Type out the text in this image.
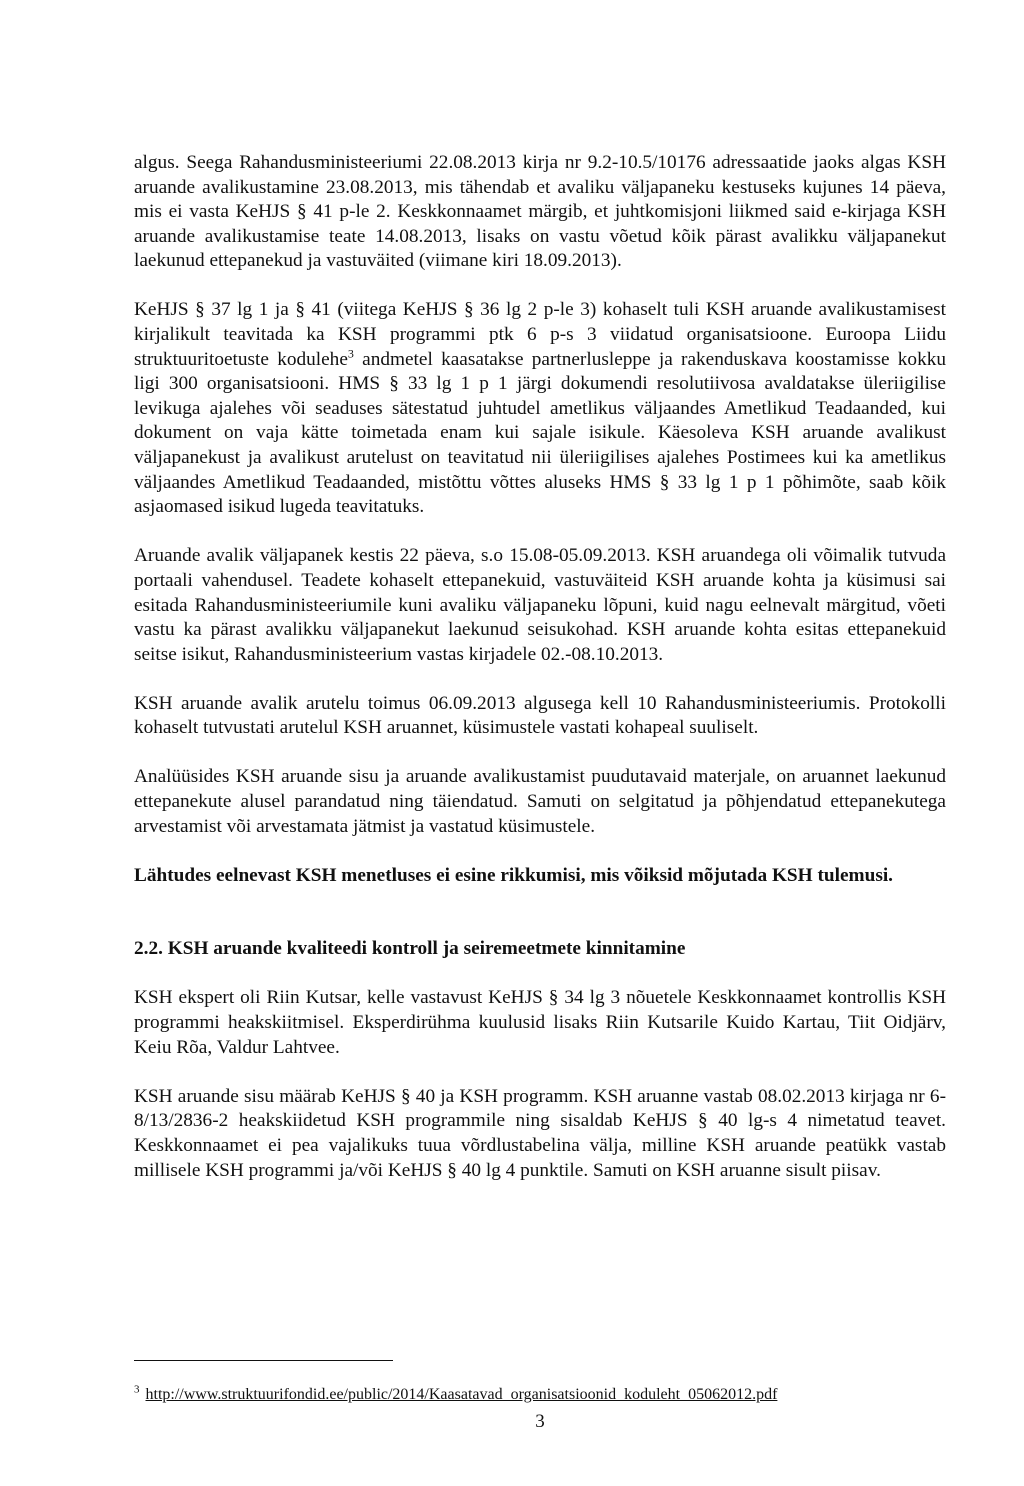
algus. Seega Rahandusministeeriumi 22.08.2013 kirja nr 9.2-10.5/10176 adressaatide jaoks algas KSH aruande avalikustamine 23.08.2013, mis tähendab et avaliku väljapaneku kestuseks kujunes 14 päeva, mis ei vasta KeHJS § 41 p-le 2. Keskkonnaamet märgib, et juhtkomisjoni liikmed said e-kirjaga KSH aruande avalikustamise teate 14.08.2013, lisaks on vastu võetud kõik pärast avalikku väljapanekut laekunud ettepanekud ja vastuväited (viimane kiri 18.09.2013).

KeHJS § 37 lg 1 ja § 41 (viitega KeHJS § 36 lg 2 p-le 3) kohaselt tuli KSH aruande avalikustamisest kirjalikult teavitada ka KSH programmi ptk 6 p-s 3 viidatud organisatsioone. Euroopa Liidu struktuuritoetuste kodulehe$^3$ andmetel kaasatakse partnerlusleppe ja rakenduskava koostamisse kokku ligi 300 organisatsiooni. HMS § 33 lg 1 p 1 järgi dokumendi resolutiivosa avaldatakse üleriigilise levikuga ajalehes või seaduses sätestatud juhtudel ametlikus väljaandes Ametlikud Teadaanded, kui dokument on vaja kätte toimetada enam kui sajale isikule. Käesoleva KSH aruande avalikust väljapanekust ja avalikust arutelust on teavitatud nii üleriigilises ajalehes Postimees kui ka ametlikus väljaandes Ametlikud Teadaanded, mistõttu võttes aluseks HMS § 33 lg 1 p 1 põhimõte, saab kõik asjaomased isikud lugeda teavitatuks.

Aruande avalik väljapanek kestis 22 päeva, s.o 15.08-05.09.2013. KSH aruandega oli võimalik tutvuda portaali vahendusel. Teadete kohaselt ettepanekuid, vastuväiteid KSH aruande kohta ja küsimusi sai esitada Rahandusministeeriumile kuni avaliku väljapaneku lõpuni, kuid nagu eelnevalt märgitud, võeti vastu ka pärast avalikku väljapanekut laekunud seisukohad. KSH aruande kohta esitas ettepanekuid seitse isikut, Rahandusministeerium vastas kirjadele 02.-08.10.2013.

KSH aruande avalik arutelu toimus 06.09.2013 algusega kell 10 Rahandusministeeriumis. Protokolli kohaselt tutvustati arutelul KSH aruannet, küsimustele vastati kohapeal suuliselt.

Analüüsides KSH aruande sisu ja aruande avalikustamist puudutavaid materjale, on aruannet laekunud ettepanekute alusel parandatud ning täiendatud. Samuti on selgitatud ja põhjendatud ettepanekutega arvestamist või arvestamata jätmist ja vastatud küsimustele.

Lähtudes eelnevast KSH menetluses ei esine rikkumisi, mis võiksid mõjutada KSH tulemusi.

2.2. KSH aruande kvaliteedi kontroll ja seiremeetmete kinnitamine

KSH ekspert oli Riin Kutsar, kelle vastavust KeHJS § 34 lg 3 nõuetele Keskkonnaamet kontrollis KSH programmi heakskiitmisel. Eksperdirühma kuulusid lisaks Riin Kutsarile Kuido Kartau, Tiit Oidjärv, Keiu Rõa, Valdur Lahtvee.

KSH aruande sisu määrab KeHJS § 40 ja KSH programm. KSH aruanne vastab 08.02.2013 kirjaga nr 6-8/13/2836-2 heakskiidetud KSH programmile ning sisaldab KeHJS § 40 lg-s 4 nimetatud teavet. Keskkonnaamet ei pea vajalikuks tuua võrdlustabelina välja, milline KSH aruande peatükk vastab millisele KSH programmi ja/või KeHJS § 40 lg 4 punktile. Samuti on KSH aruanne sisult piisav.

$^3$ http://www.struktuurifondid.ee/public/2014/Kaasatavad_organisatsioonid_koduleht_05062012.pdf
3
